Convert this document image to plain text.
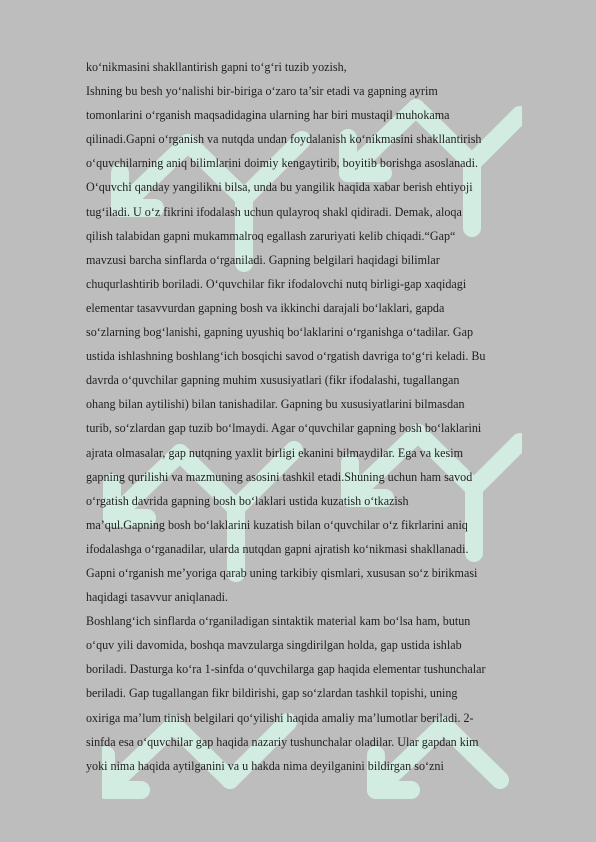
ko‘nikmasini shakllantirish gapni to‘g‘ri tuzib yozish,
Ishning bu besh yo‘nalishi bir-biriga o‘zaro ta’sir etadi va gapning ayrim
tomonlarini o‘rganish maqsadidagina ularning har biri mustaqil muhokama
qilinadi.Gapni o‘rganish va nutqda undan foydalanish ko‘nikmasini shakllantirish
o‘quvchilarning aniq bilimlarini doimiy kengaytirib, boyitib borishga asoslanadi.
O‘quvchi qanday yangilikni bilsa, unda bu yangilik haqida xabar berish ehtiyoji
tug‘iladi. U o‘z fikrini ifodalash uchun qulayroq shakl qidiradi. Demak, aloqa
qilish talabidan gapni mukammalroq egallash zaruriyati kelib chiqadi.“Gap“
mavzusi barcha sinflarda o‘rganiladi. Gapning belgilari haqidagi bilimlar
chuqurlashtirib boriladi. O‘quvchilar fikr ifodalovchi nutq birligi-gap xaqidagi
elementar tasavvurdan gapning bosh va ikkinchi darajali bo‘laklari, gapda
so‘zlarning bog‘lanishi, gapning uyushiq bo‘laklarini o‘rganishga o‘tadilar. Gap
ustida ishlashning boshlang‘ich bosqichi savod o‘rgatish davriga to‘g‘ri keladi. Bu
davrda o‘quvchilar gapning muhim xususiyatlari (fikr ifodalashi, tugallangan
ohang bilan aytilishi) bilan tanishadilar. Gapning bu xususiyatlarini bilmasdan
turib, so‘zlardan gap tuzib bo‘lmaydi. Agar o‘quvchilar gapning bosh bo‘laklarini
ajrata olmasalar, gap nutqning yaxlit birligi ekanini bilmaydilar. Ega va kesim
gapning qurilishi va mazmuning asosini tashkil etadi.Shuning uchun ham savod
o‘rgatish davrida gapning bosh bo‘laklari ustida kuzatish o‘tkazish
ma’qul.Gapning bosh bo‘laklarini kuzatish bilan o‘quvchilar o‘z fikrlarini aniq
ifodalashga o‘rganadilar, ularda nutqdan gapni ajratish ko‘nikmasi shakllanadi.
Gapni o‘rganish me’yoriga qarab uning tarkibiy qismlari, xususan so‘z birikmasi
haqidagi tasavvur aniqlanadi.
Boshlang‘ich sinflarda o‘rganiladigan sintaktik material kam bo‘lsa ham, butun
o‘quv yili davomida, boshqa mavzularga singdirilgan holda, gap ustida ishlab
boriladi. Dasturga ko‘ra 1-sinfda o‘quvchilarga gap haqida elementar tushunchalar
beriladi. Gap tugallangan fikr bildirishi, gap so‘zlardan tashkil topishi, uning
oxiriga ma’lum tinish belgilari qo‘yilishi haqida amaliy ma’lumotlar beriladi. 2-
sinfda esa o‘quvchilar gap haqida nazariy tushunchalar oladilar. Ular gapdan kim
yoki nima haqida aytilganini va u hakda nima deyilganini bildirgan so‘zni
